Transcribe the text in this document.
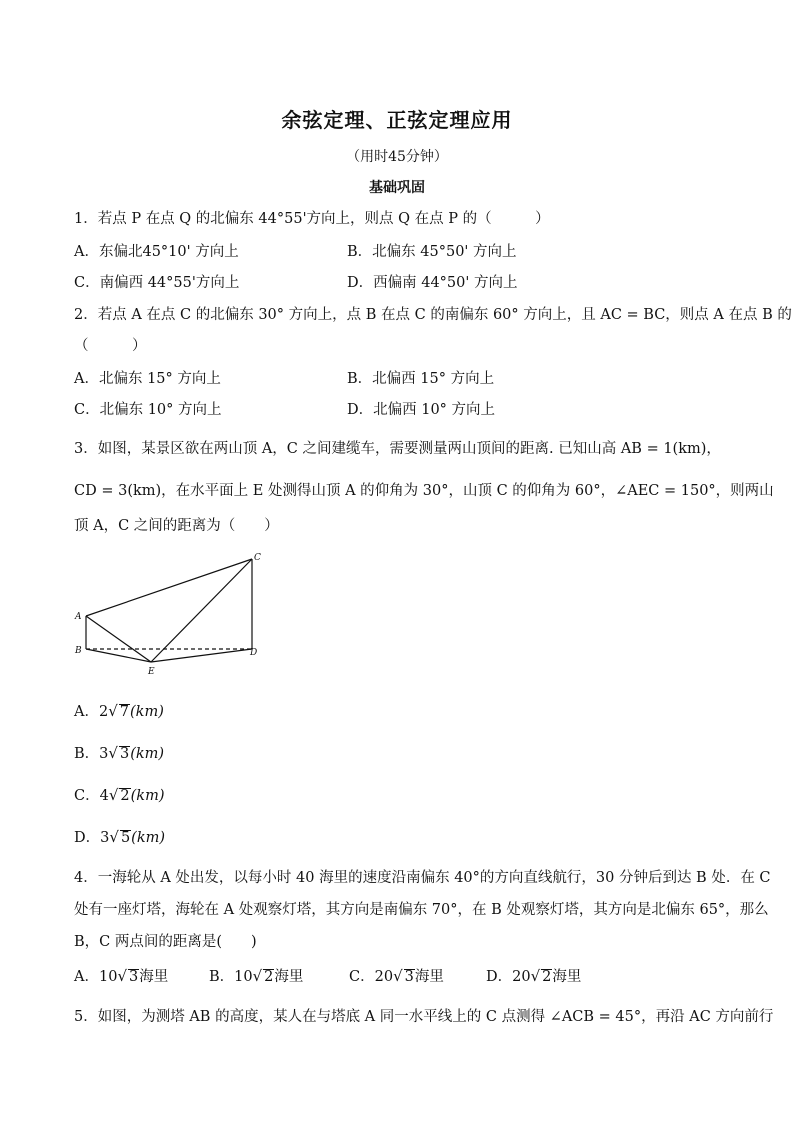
余弦定理、正弦定理应用
（用时45分钟）
基础巩固
1．若点 P 在点 Q 的北偏东 44°55'方向上，则点 Q 在点 P 的（　　　）
A．东偏北45°10' 方向上	B．北偏东 45°50' 方向上
C．南偏西 44°55'方向上	D．西偏南 44°50' 方向上
2．若点 A 在点 C 的北偏东 30° 方向上，点 B 在点 C 的南偏东 60° 方向上，且 AC = BC，则点 A 在点 B 的
（　　　）
A．北偏东 15° 方向上	B．北偏西 15° 方向上
C．北偏东 10° 方向上	D．北偏西 10° 方向上
3．如图，某景区欲在两山顶 A，C 之间建缆车，需要测量两山顶间的距离. 已知山高 AB = 1(km)，
CD = 3(km)，在水平面上 E 处测得山顶 A 的仰角为 30°，山顶 C 的仰角为 60°，∠AEC = 150°，则两山
顶 A，C 之间的距离为（　　）
A
B
C
D
E
A．2√ 7(km)
B．3√ 3(km)
C．4√ 2(km)
D．3√ 5(km)
4．一海轮从 A 处出发，以每小时 40 海里的速度沿南偏东 40°的方向直线航行，30 分钟后到达 B 处．在 C
处有一座灯塔，海轮在 A 处观察灯塔，其方向是南偏东 70°，在 B 处观察灯塔，其方向是北偏东 65°，那么
B，C 两点间的距离是(　　)
A．10√ 3海里	B．10√ 2海里	C．20√ 3海里	D．20√ 2海里
5．如图，为测塔 AB 的高度，某人在与塔底 A 同一水平线上的 C 点测得 ∠ACB = 45°，再沿 AC 方向前行
